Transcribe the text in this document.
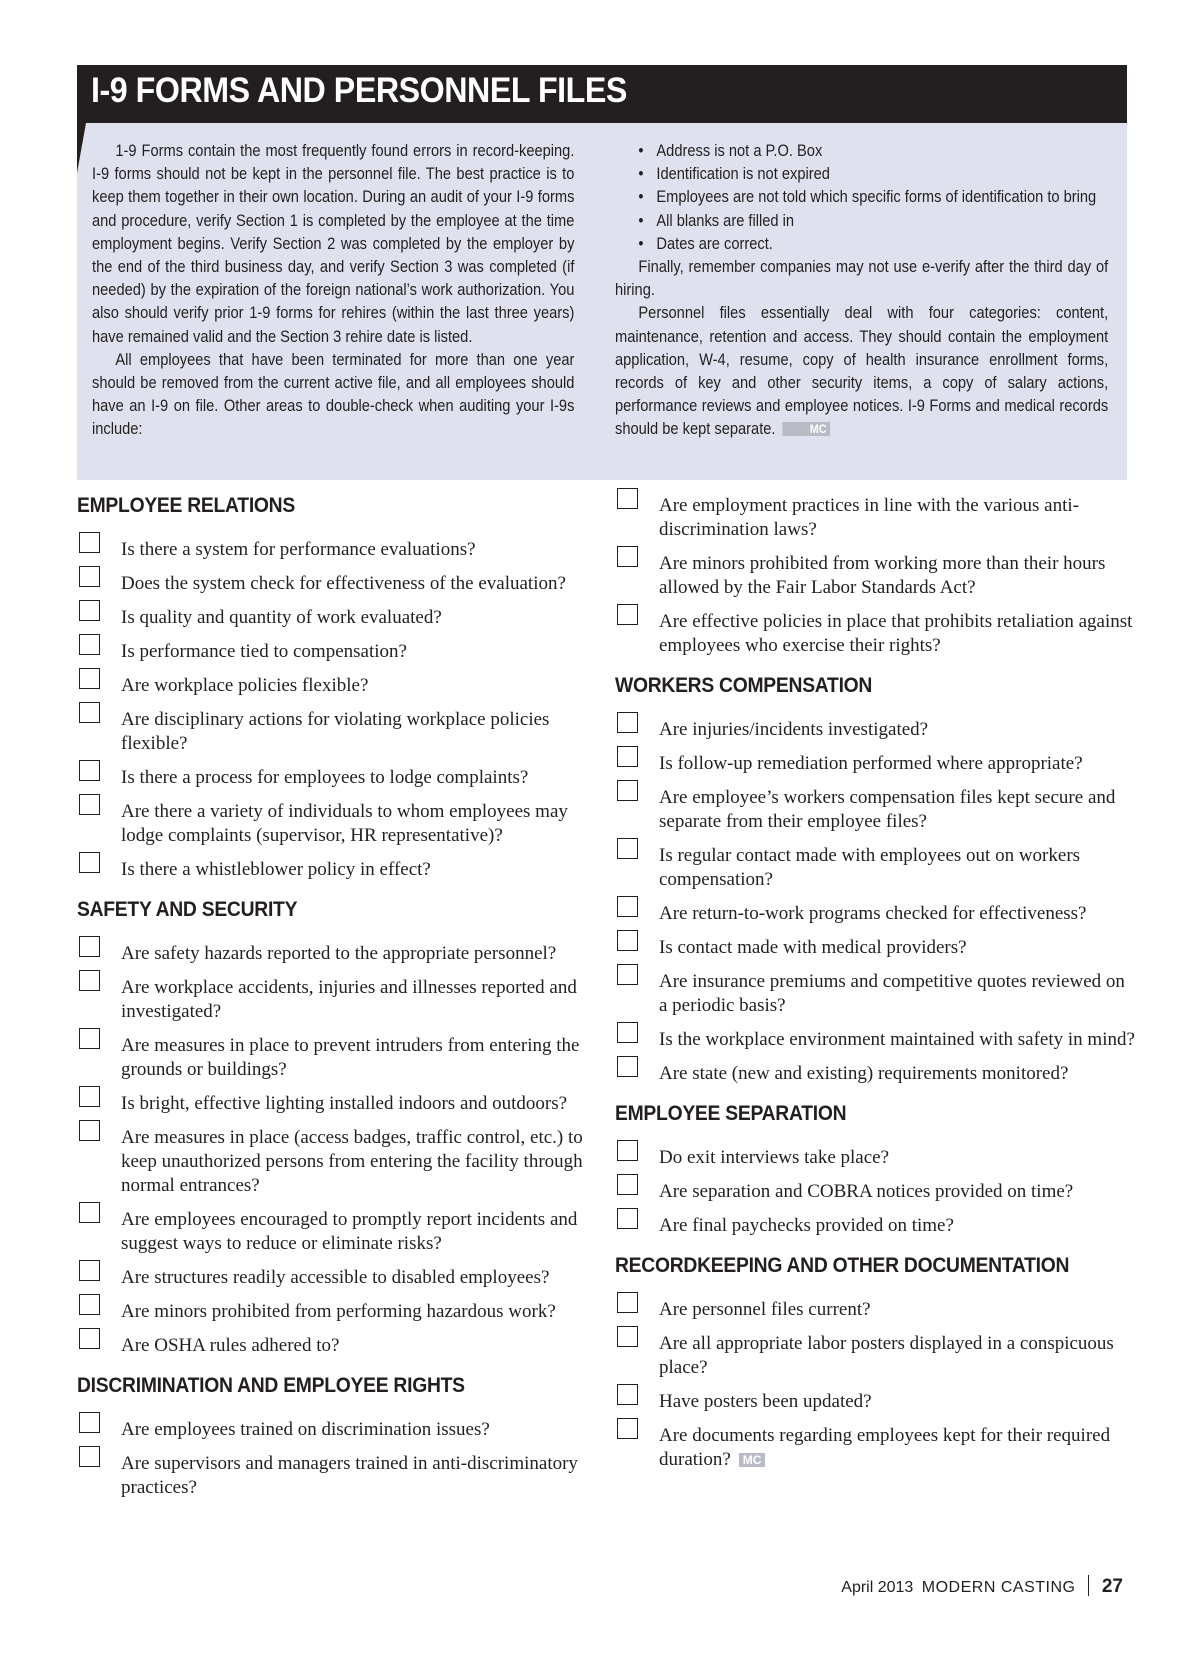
I-9 FORMS AND PERSONNEL FILES

1-9 Forms contain the most frequently found errors in record-keeping. I-9 forms should not be kept in the personnel file. The best practice is to keep them together in their own location. During an audit of your I-9 forms and procedure, verify Section 1 is completed by the employee at the time employment begins. Verify Section 2 was completed by the employer by the end of the third business day, and verify Section 3 was completed (if needed) by the expiration of the foreign national’s work authorization. You also should verify prior 1-9 forms for rehires (within the last three years) have remained valid and the Section 3 rehire date is listed.

All employees that have been terminated for more than one year should be removed from the current active file, and all employees should have an I-9 on file. Other areas to double-check when auditing your I-9s include:

• Address is not a P.O. Box
• Identification is not expired
• Employees are not told which specific forms of identification to bring
• All blanks are filled in
• Dates are correct.

Finally, remember companies may not use e-verify after the third day of hiring.

Personnel files essentially deal with four categories: content, maintenance, retention and access. They should contain the employment application, W-4, resume, copy of health insurance enrollment forms, records of key and other security items, a copy of salary actions, performance reviews and employee notices. I-9 Forms and medical records should be kept separate.	MC

EMPLOYEE RELATIONS
Is there a system for performance evaluations?
Does the system check for effectiveness of the evaluation?
Is quality and quantity of work evaluated?
Is performance tied to compensation?
Are workplace policies flexible?
Are disciplinary actions for violating workplace policies flexible?
Is there a process for employees to lodge complaints?
Are there a variety of individuals to whom employees may lodge complaints (supervisor, HR representative)?
Is there a whistleblower policy in effect?
SAFETY AND SECURITY
Are safety hazards reported to the appropriate personnel?
Are workplace accidents, injuries and illnesses reported and investigated?
Are measures in place to prevent intruders from entering the grounds or buildings?
Is bright, effective lighting installed indoors and outdoors?
Are measures in place (access badges, traffic control, etc.) to keep unauthorized persons from entering the facility through normal entrances?
Are employees encouraged to promptly report incidents and suggest ways to reduce or eliminate risks?
Are structures readily accessible to disabled employees?
Are minors prohibited from performing hazardous work?
Are OSHA rules adhered to?
DISCRIMINATION AND EMPLOYEE RIGHTS
Are employees trained on discrimination issues?
Are supervisors and managers trained in anti-discriminatory practices?
Are employment practices in line with the various anti-discrimination laws?
Are minors prohibited from working more than their hours allowed by the Fair Labor Standards Act?
Are effective policies in place that prohibits retaliation against employees who exercise their rights?
WORKERS COMPENSATION
Are injuries/incidents investigated?
Is follow-up remediation performed where appropriate?
Are employee’s workers compensation files kept secure and separate from their employee files?
Is regular contact made with employees out on workers compensation?
Are return-to-work programs checked for effectiveness?
Is contact made with medical providers?
Are insurance premiums and competitive quotes reviewed on a periodic basis?
Is the workplace environment maintained with safety in mind?
Are state (new and existing) requirements monitored?
EMPLOYEE SEPARATION
Do exit interviews take place?
Are separation and COBRA notices provided on time?
Are final paychecks provided on time?
RECORDKEEPING AND OTHER DOCUMENTATION
Are personnel files current?
Are all appropriate labor posters displayed in a conspicuous place?
Have posters been updated?
Are documents regarding employees kept for their required duration? MC
April 2013 MODERN CASTING 27
